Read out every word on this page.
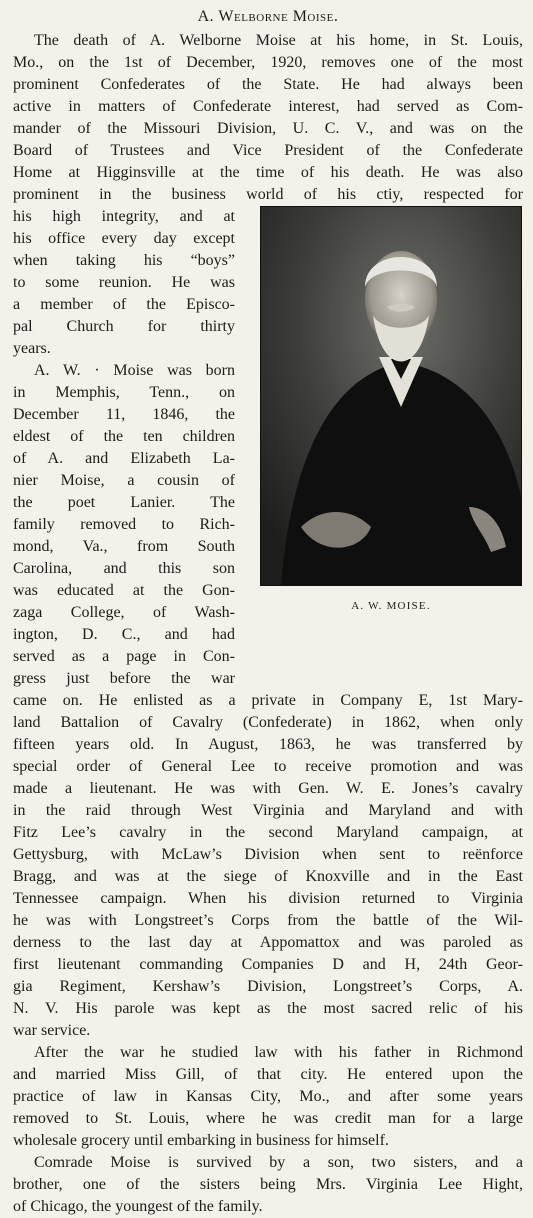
A. Welborne Moise.
The death of A. Welborne Moise at his home, in St. Louis,
Mo., on the 1st of December, 1920, removes one of the most
prominent Confederates of the State. He had always been
active in matters of Confederate interest, had served as Com-
mander of the Missouri Division, U. C. V., and was on the
Board of Trustees and Vice President of the Confederate
Home at Higginsville at the time of his death. He was also
prominent in the business world of his ctiy, respected for
his high integrity, and at
his office every day except
when taking his “boys”
to some reunion. He was
a member of the Episco-
pal Church for thirty
years.
A. W. · Moise was born
in Memphis, Tenn., on
December 11, 1846, the
eldest of the ten children
of A. and Elizabeth La-
nier Moise, a cousin of
the poet Lanier. The
family removed to Rich-
mond, Va., from South
Carolina, and this son
was educated at the Gon-
zaga College, of Wash-
ington, D. C., and had
served as a page in Con-
gress just before the war
A. W. MOISE.
came on. He enlisted as a private in Company E, 1st Mary-
land Battalion of Cavalry (Confederate) in 1862, when only
fifteen years old. In August, 1863, he was transferred by
special order of General Lee to receive promotion and was
made a lieutenant. He was with Gen. W. E. Jones’s cavalry
in the raid through West Virginia and Maryland and with
Fitz Lee’s cavalry in the second Maryland campaign, at
Gettysburg, with McLaw’s Division when sent to reënforce
Bragg, and was at the siege of Knoxville and in the East
Tennessee campaign. When his division returned to Virginia
he was with Longstreet’s Corps from the battle of the Wil-
derness to the last day at Appomattox and was paroled as
first lieutenant commanding Companies D and H, 24th Geor-
gia Regiment, Kershaw’s Division, Longstreet’s Corps, A.
N. V. His parole was kept as the most sacred relic of his
war service.
After the war he studied law with his father in Richmond
and married Miss Gill, of that city. He entered upon the
practice of law in Kansas City, Mo., and after some years
removed to St. Louis, where he was credit man for a large
wholesale grocery until embarking in business for himself.
Comrade Moise is survived by a son, two sisters, and a
brother, one of the sisters being Mrs. Virginia Lee Hight,
of Chicago, the youngest of the family.
